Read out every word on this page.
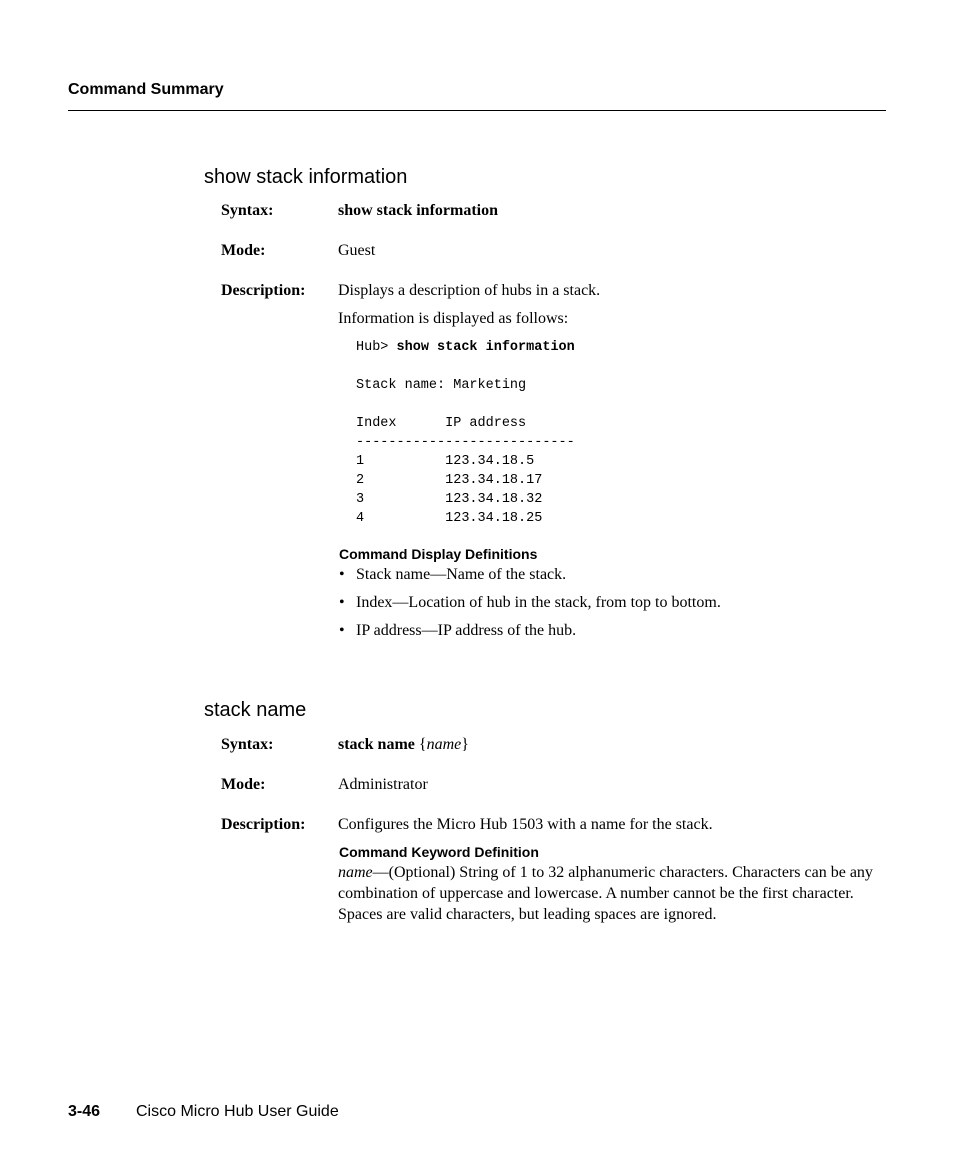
Command Summary
show stack information
Syntax:	show stack information
Mode:	Guest
Description: Displays a description of hubs in a stack.
Information is displayed as follows:
Hub> show stack information
Stack name: Marketing
Index      IP address
---------------------------
1          123.34.18.5
2          123.34.18.17
3          123.34.18.32
4          123.34.18.25
Command Display Definitions
• Stack name—Name of the stack.
• Index—Location of hub in the stack, from top to bottom.
• IP address—IP address of the hub.
stack name
Syntax:	stack name {name}
Mode:	Administrator
Description: Configures the Micro Hub 1503 with a name for the stack.
Command Keyword Definition
name—(Optional) String of 1 to 32 alphanumeric characters. Characters can be any combination of uppercase and lowercase. A number cannot be the first character. Spaces are valid characters, but leading spaces are ignored.
3-46 Cisco Micro Hub User Guide
